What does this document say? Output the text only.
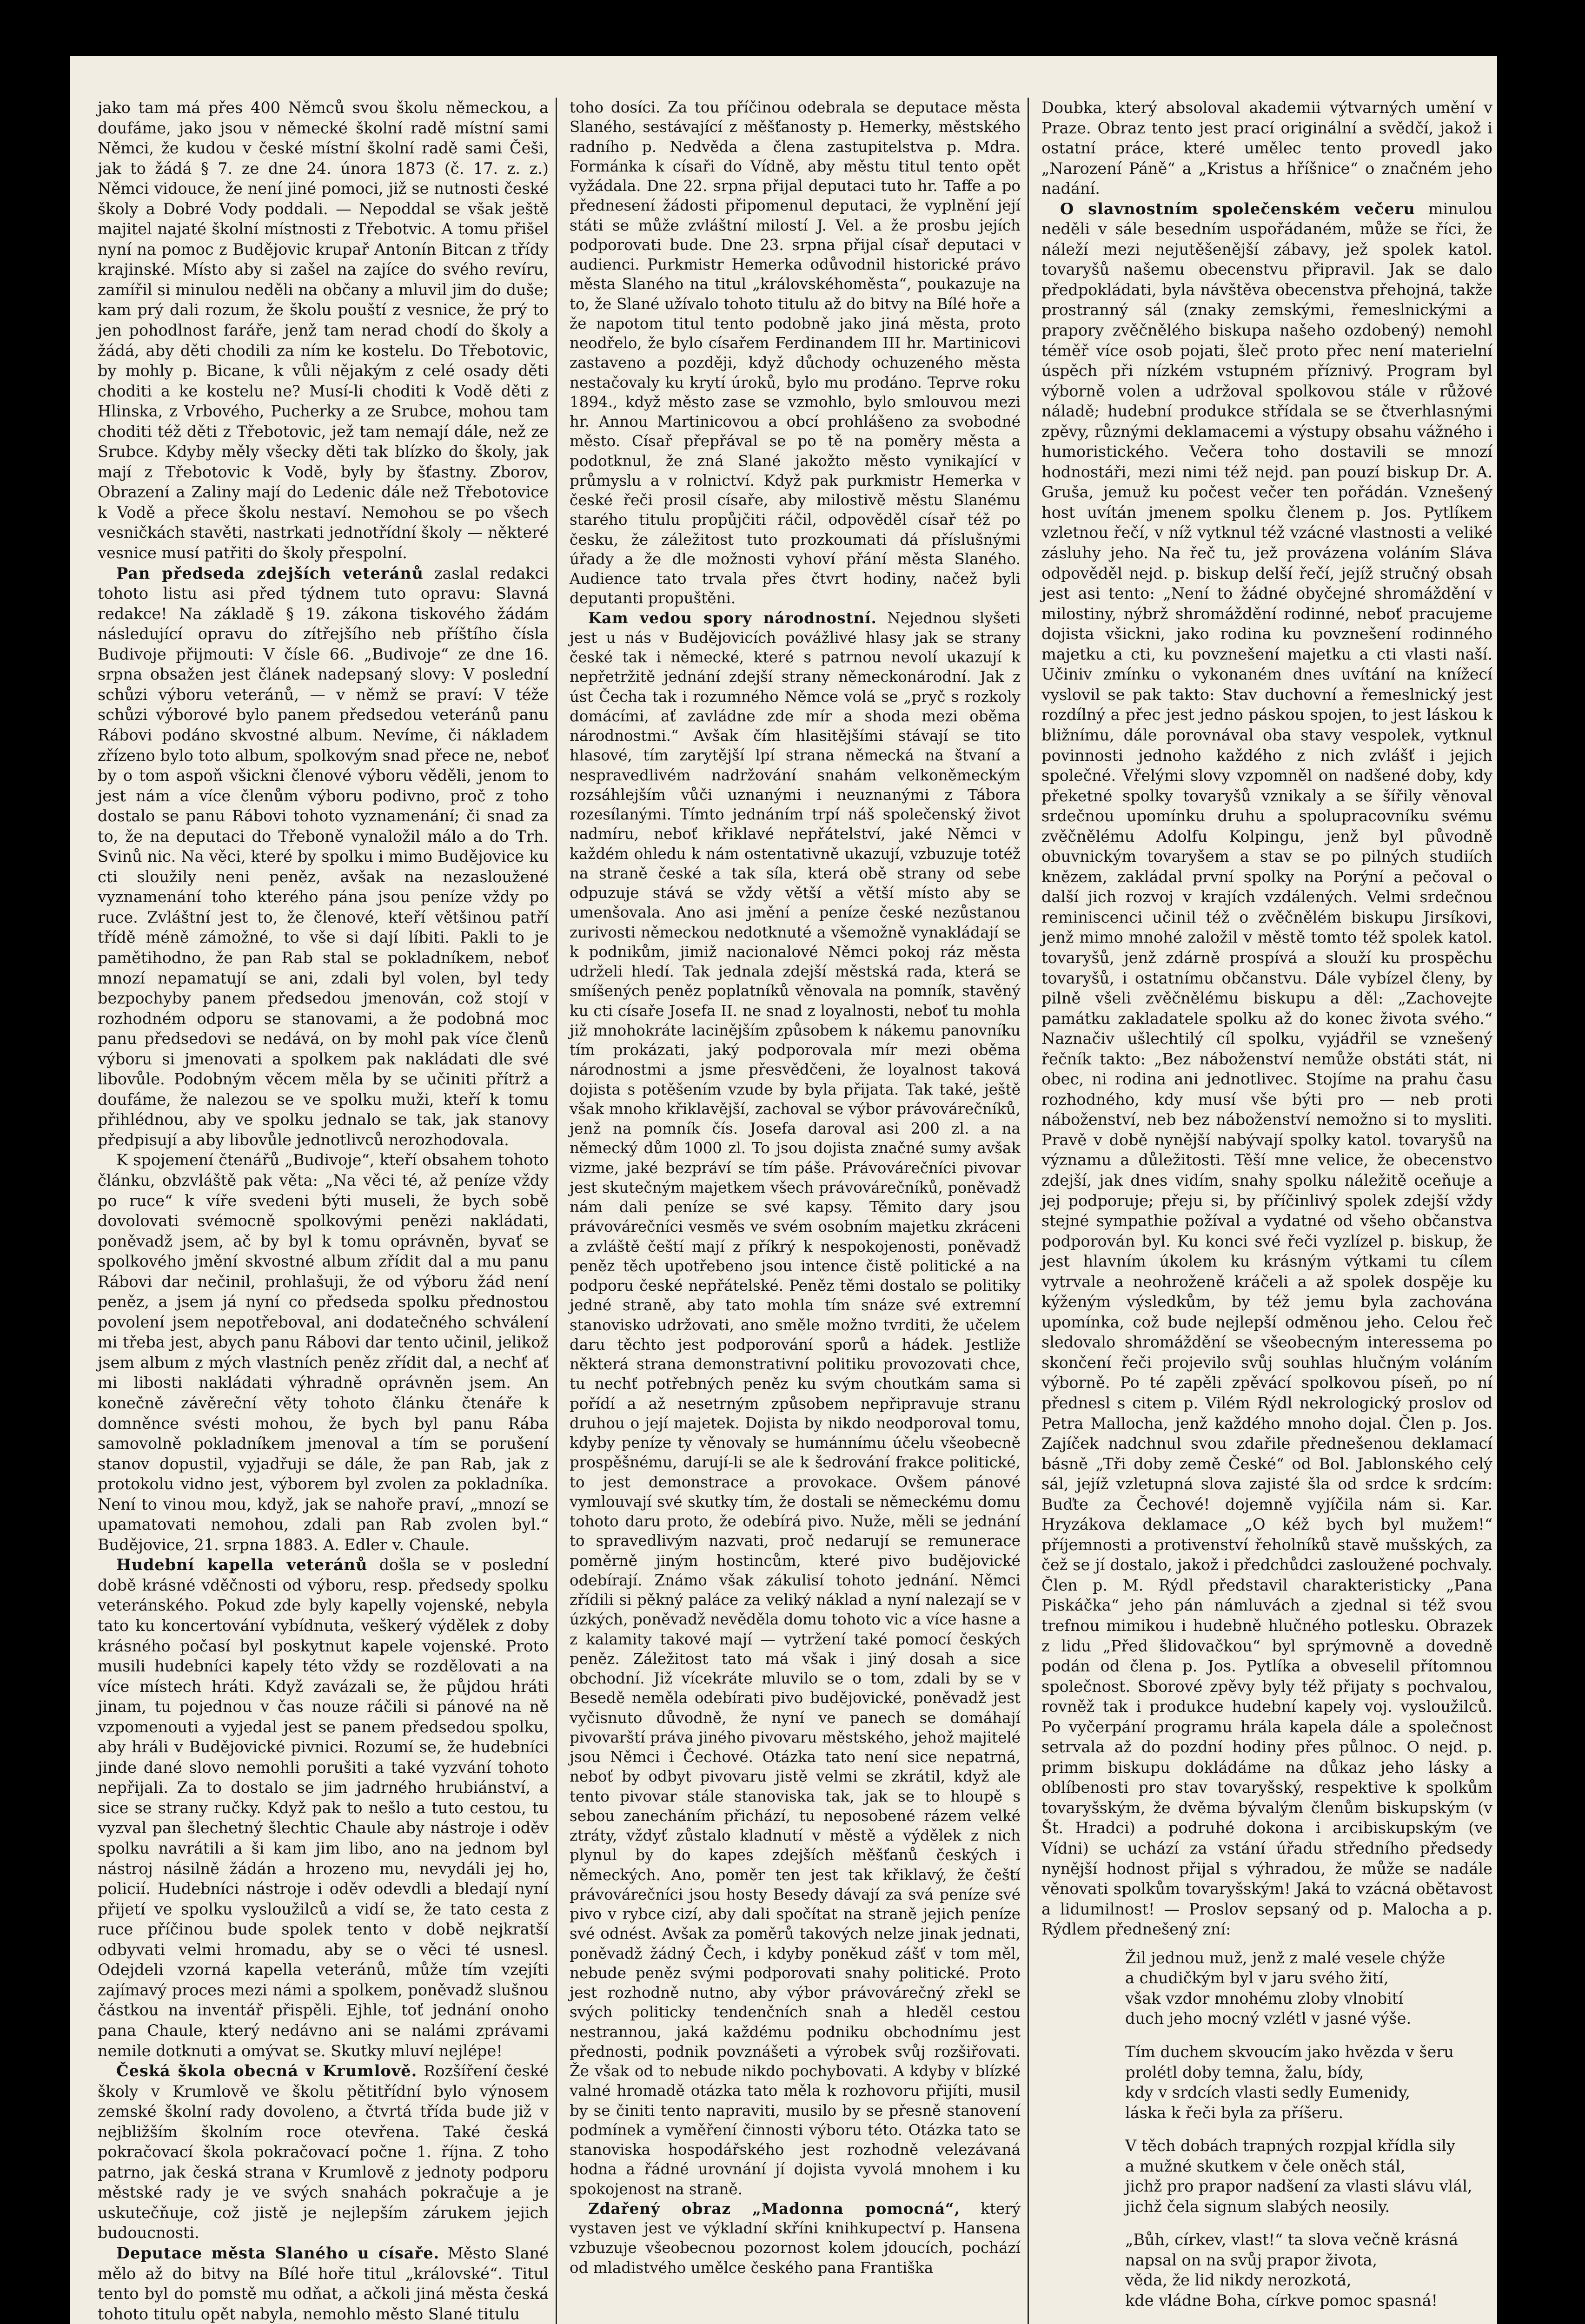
jako tam má přes 400 Němců svou školu německou, a doufáme, jako jsou v německé školní radě místní sami Němci, že kudou v české místní školní radě sami Češi, jak to žádá § 7. ze dne 24. února 1873 (č. 17. z. z.) Němci vidouce, že není jiné pomoci, již se nutnosti české školy a Dobré Vody poddali. — Nepoddal se však ještě majitel najaté školní místnosti z Třebotvic. A tomu přišel nyní na pomoc z Budějovic krupař Antonín Bitcan z třídy krajinské. Místo aby si zašel na zajíce do svého revíru, zamířil si minulou neděli na občany a mluvil jim do duše; kam prý dali rozum, že školu pouští z vesnice, že prý to jen pohodlnost faráře, jenž tam nerad chodí do školy a žádá, aby děti chodili za ním ke kostelu. Do Třebotovic, by mohly p. Bicane, k vůli nějakým z celé osady děti choditi a ke kostelu ne? Musí-li choditi k Vodě děti z Hlinska, z Vrbového, Pucherky a ze Srubce, mohou tam choditi též děti z Třebotovic, jež tam nemají dále, než ze Srubce. Kdyby měly všecky děti tak blízko do školy, jak mají z Třebotovic k Vodě, byly by šťastny. Zborov, Obrazení a Zaliny mají do Ledenic dále než Třebotovice k Vodě a přece školu nestaví. Nemohou se po všech vesničkách stavěti, nastrkati jednotřídní školy — některé vesnice musí patřiti do školy přespolní.

Pan předseda zdejších veteránů zaslal redakci tohoto listu asi před týdnem tuto opravu: Slavná redakce! Na základě § 19. zákona tiskového žádám následující opravu do zítřejšího neb příštího čísla Budivoje přijmouti: V čísle 66. „Budivoje“ ze dne 16. srpna obsažen jest článek nadepsaný slovy: V poslední schůzi výboru veteránů, — v němž se praví: V téže schůzi výborové bylo panem předsedou veteránů panu Rábovi podáno skvostné album. Nevíme, či nákladem zřízeno bylo toto album, spolkovým snad přece ne, neboť by o tom aspoň všickni členové výboru věděli, jenom to jest nám a více členům výboru podivno, proč z toho dostalo se panu Rábovi tohoto vyznamenání; či snad za to, že na deputaci do Třeboně vynaložil málo a do Trh. Svinů nic. Na věci, které by spolku i mimo Budějovice ku cti sloužily neni peněz, avšak na nezasloužené vyznamenání toho kterého pána jsou peníze vždy po ruce. Zvláštní jest to, že členové, kteří většinou patří třídě méně zámožné, to vše si dají líbiti. Pakli to je pamětihodno, že pan Rab stal se pokladníkem, neboť mnozí nepamatují se ani, zdali byl volen, byl tedy bezpochyby panem předsedou jmenován, což stojí v rozhodném odporu se stanovami, a že podobná moc panu předsedovi se nedává, on by mohl pak více členů výboru si jmenovati a spolkem pak nakládati dle své libovůle. Podobným věcem měla by se učiniti přítrž a doufáme, že nalezou se ve spolku muži, kteří k tomu přihlédnou, aby ve spolku jednalo se tak, jak stanovy předpisují a aby libovůle jednotlivců nerozhodovala.

K spojemení čtenářů „Budivoje“, kteří obsahem tohoto článku, obzvláště pak věta: „Na věci té, až peníze vždy po ruce“ k víře svedeni býti museli, že bych sobě dovolovati svémocně spolkovými penězi nakládati, poněvadž jsem, ač by byl k tomu oprávněn, byvať se spolkového jmění skvostné album zřídit dal a mu panu Rábovi dar nečinil, prohlašuji, že od výboru žád není peněz, a jsem já nyní co předseda spolku přednostou povolení jsem nepotřeboval, ani dodatečného schválení mi třeba jest, abych panu Rábovi dar tento učinil, jelikož jsem album z mých vlastních peněz zřídit dal, a nechť ať mi libosti nakládati výhradně oprávněn jsem. An konečně závěreční věty tohoto článku čtenáře k domněnce svésti mohou, že bych byl panu Rába samovolně pokladníkem jmenoval a tím se porušení stanov dopustil, vyjadřuji se dále, že pan Rab, jak z protokolu vidno jest, výborem byl zvolen za pokladníka. Není to vinou mou, když, jak se nahoře praví, „mnozí se upamatovati nemohou, zdali pan Rab zvolen byl.“ Budějovice, 21. srpna 1883. A. Edler v. Chaule.

Hudební kapella veteránů došla se v poslední době krásné vděčnosti od výboru, resp. předsedy spolku veteránského. Pokud zde byly kapelly vojenské, nebyla tato ku koncertování vybídnuta, veškerý výdělek z doby krásného počasí byl poskytnut kapele vojenské. Proto musili hudebníci kapely této vždy se rozdělovati a na více místech hráti. Když zavázali se, že půjdou hráti jinam, tu pojednou v čas nouze ráčili si pánové na ně vzpomenouti a vyjedal jest se panem předsedou spolku, aby hráli v Budějovické pivnici. Rozumí se, že hudebníci jinde dané slovo nemohli porušiti a také vyzvání tohoto nepřijali. Za to dostalo se jim jadrného hrubiánství, a sice se strany ručky. Když pak to nešlo a tuto cestou, tu vyzval pan šlechetný šlechtic Chaule aby nástroje i oděv spolku navrátili a ši kam jim libo, ano na jednom byl nástroj násilně žádán a hrozeno mu, nevydáli jej ho, policií. Hudebníci nástroje i oděv odevdli a bledají nyní přijetí ve spolku vysloužilců a vidí se, že tato cesta z ruce příčinou bude spolek tento v době nejkratší odbyvati velmi hromadu, aby se o věci té usnesl. Odejdeli vzorná kapella veteránů, může tím vzejíti zajímavý proces mezi námi a spolkem, poněvadž slušnou částkou na inventář přispěli. Ejhle, toť jednání onoho pana Chaule, který nedávno ani se nalámi zprávami nemile dotknuti a omývat se. Skutky mluví nejlépe!

Česká škola obecná v Krumlově. Rozšíření české školy v Krumlově ve školu pětitřídní bylo výnosem zemské školní rady dovoleno, a čtvrtá třída bude již v nejbližším školním roce otevřena. Také česká pokračovací škola pokračovací počne 1. října. Z toho patrno, jak česká strana v Krumlově z jednoty podporu městské rady je ve svých snahách pokračuje a je uskutečňuje, což jistě je nejlepším zárukem jejich budoucnosti.

Deputace města Slaného u císaře. Město Slané mělo až do bitvy na Bílé hoře titul „královské“. Titul tento byl do pomstě mu odňat, a ačkoli jiná města česká tohoto titulu opět nabyla, nemohlo město Slané titulu

toho dosíci. Za tou příčinou odebrala se deputace města Slaného, sestávající z měšťanosty p. Hemerky, městského radního p. Nedvěda a člena zastupitelstva p. Mdra. Formánka k císaři do Vídně, aby městu titul tento opět vyžádala. Dne 22. srpna přijal deputaci tuto hr. Taffe a po přednesení žádosti připomenul deputaci, že vyplnění její státi se může zvláštní milostí J. Vel. a že prosbu jejích podporovati bude. Dne 23. srpna přijal císař deputaci v audienci. Purkmistr Hemerka odůvodnil historické právo města Slaného na titul „královskéhoměsta“, poukazuje na to, že Slané užívalo tohoto titulu až do bitvy na Bílé hoře a že napotom titul tento podobně jako jiná města, proto neodřelo, že bylo císařem Ferdinandem III hr. Martinicovi zastaveno a později, když důchody ochuzeného města nestačovaly ku krytí úroků, bylo mu prodáno. Teprve roku 1894., když město zase se vzmohlo, bylo smlouvou mezi hr. Annou Martinicovou a obcí prohlášeno za svobodné město. Císař přepřával se po tě na poměry města a podotknul, že zná Slané jakožto město vynikající v průmyslu a v rolnictví. Když pak purkmistr Hemerka v české řeči prosil císaře, aby milostivě městu Slanému starého titulu propůjčiti ráčil, odpověděl císař též po česku, že záležitost tuto prozkoumati dá příslušnými úřady a že dle možnosti vyhoví přání města Slaného. Audience tato trvala přes čtvrt hodiny, načež byli deputanti propuštěni.

Kam vedou spory národnostní. Nejednou slyšeti jest u nás v Budějovicích povážlivé hlasy jak se strany české tak i německé, které s patrnou nevolí ukazují k nepřetržitě jednání zdejší strany německonárodní. Jak z úst Čecha tak i rozumného Němce volá se „pryč s rozkoly domácími, ať zavládne zde mír a shoda mezi oběma národnostmi.“ Avšak čím hlasitějšími stávají se tito hlasové, tím zarytější lpí strana německá na štvaní a nespravedlivém nadržování snahám velkoněmeckým rozsáhlejším vůči uznanými i neuznanými z Tábora rozesílanými. Tímto jednáním trpí náš společenský život nadmíru, neboť křiklavé nepřátelství, jaké Němci v každém ohledu k nám ostentativně ukazují, vzbuzuje totéž na straně české a tak síla, která obě strany od sebe odpuzuje stává se vždy větší a větší místo aby se umenšovala. Ano asi jmění a peníze české nezůstanou zurivosti německou nedotknuté a všemožně vynakládají se k podnikům, jimiž nacionalové Němci pokoj ráz města udrželi hledí. Tak jednala zdejší městská rada, která se smíšených peněz poplatníků věnovala na pomník, stavěný ku cti císaře Josefa II. ne snad z loyalnosti, neboť tu mohla již mnohokráte lacinějším způsobem k nákemu panovníku tím prokázati, jaký podporovala mír mezi oběma národnostmi a jsme přesvědčeni, že loyalnost taková dojista s potěšením vzude by byla přijata. Tak také, ještě však mnoho křiklavější, zachoval se výbor právovárečníků, jenž na pomník čís. Josefa daroval asi 200 zl. a na německý dům 1000 zl. To jsou dojista značné sumy avšak vizme, jaké bezpráví se tím páše. Právovárečníci pivovar jest skutečným majetkem všech právovárečníků, poněvadž nám dali peníze se své kapsy. Těmito dary jsou právovárečníci vesměs ve svém osobním majetku zkráceni a zvláště čeští mají z příkrý k nespokojenosti, poněvadž peněz těch upotřebeno jsou intence čistě politické a na podporu české nepřátelské. Peněz těmi dostalo se politiky jedné straně, aby tato mohla tím snáze své extremní stanovisko udržovati, ano směle možno tvrditi, že učelem daru těchto jest podporování sporů a hádek. Jestliže některá strana demonstrativní politiku provozovati chce, tu nechť potřebných peněz ku svým choutkám sama si pořídí a až nesetrným způsobem nepřipravuje stranu druhou o její majetek. Dojista by nikdo neodporoval tomu, kdyby peníze ty věnovaly se humánnímu účelu všeobecně prospěšnému, darují-li se ale k šedrování frakce politické, to jest demonstrace a provokace. Ovšem pánové vymlouvají své skutky tím, že dostali se německému domu tohoto daru proto, že odebírá pivo. Nuže, měli se jednání to spravedlivým nazvati, proč nedarují se remunerace poměrně jiným hostincům, které pivo budějovické odebírají. Známo však zákulisí tohoto jednání. Němci zřídili si pěkný paláce za veliký náklad a nyní nalezají se v úzkých, poněvadž nevěděla domu tohoto vic a více hasne a z kalamity takové mají — vytržení také pomocí českých peněz. Záležitost tato má však i jiný dosah a sice obchodní. Již vícekráte mluvilo se o tom, zdali by se v Besedě neměla odebírati pivo budějovické, poněvadž jest vyčisnuto důvodně, že nyní ve panech se domáhají pivovarští práva jiného pivovaru městského, jehož majitelé jsou Němci i Čechové. Otázka tato není sice nepatrná, neboť by odbyt pivovaru jistě velmi se zkrátil, když ale tento pivovar stále stanoviska tak, jak se to hloupě s sebou zanecháním přichází, tu neposobené rázem velké ztráty, vždyť zůstalo kladnutí v městě a výdělek z nich plynul by do kapes zdejších měšťanů českých i německých. Ano, poměr ten jest tak křiklavý, že čeští právovárečníci jsou hosty Besedy dávají za svá peníze své pivo v rybce cizí, aby dali spočítat na straně jejich peníze své odnést. Avšak za poměrů takových nelze jinak jednati, poněvadž žádný Čech, i kdyby poněkud zášť v tom měl, nebude peněz svými podporovati snahy politické. Proto jest rozhodně nutno, aby výbor právovárečný zřekl se svých politicky tendenčních snah a hleděl cestou nestrannou, jaká každému podniku obchodnímu jest přednosti, podnik povznášeti a výrobek svůj rozšiřovati. Že však od to nebude nikdo pochybovati. A kdyby v blízké valné hromadě otázka tato měla k rozhovoru přijíti, musil by se činiti tento napraviti, musilo by se přesně stanovení podmínek a vyměření činnosti výboru této. Otázka tato se stanoviska hospodářského jest rozhodně velezávaná hodna a řádné urovnání jí dojista vyvolá mnohem i ku spokojenost na straně.

Zdařený obraz „Madonna pomocná“, který vystaven jest ve výkladní skříni knihkupectví p. Hansena vzbuzuje všeobecnou pozornost kolem jdoucích, pochází od mladistvého umělce českého pana Františka

Doubka, který absoloval akademii výtvarných umění v Praze. Obraz tento jest prací originální a svědčí, jakož i ostatní práce, které umělec tento provedl jako „Narození Páně“ a „Kristus a hříšnice“ o značném jeho nadání.

O slavnostním společenském večeru minulou neděli v sále besedním uspořádaném, může se říci, že náleží mezi nejutěšenější zábavy, jež spolek katol. tovaryšů našemu obecenstvu připravil. Jak se dalo předpokládati, byla návštěva obecenstva přehojná, takže prostranný sál (znaky zemskými, řemeslnickými a prapory zvěčnělého biskupa našeho ozdobený) nemohl téměř více osob pojati, šleč proto přec není materielní úspěch při nízkém vstupném příznivý. Program byl výborně volen a udržoval spolkovou stále v růžové náladě; hudební produkce střídala se se čtverhlasnými zpěvy, různými deklamacemi a výstupy obsahu vážného i humoristického. Večera toho dostavili se mnozí hodnostáři, mezi nimi též nejd. pan pouzí biskup Dr. A. Gruša, jemuž ku počest večer ten pořádán. Vznešený host uvítán jmenem spolku členem p. Jos. Pytlíkem vzletnou řečí, v níž vytknul též vzácné vlastnosti a veliké zásluhy jeho. Na řeč tu, jež provázena voláním Sláva odpověděl nejd. p. biskup delší řečí, jejíž stručný obsah jest asi tento: „Není to žádné obyčejné shromáždění v milostiny, nýbrž shromáždění rodinné, neboť pracujeme dojista všickni, jako rodina ku povznešení rodinného majetku a cti, ku povznešení majetku a cti vlasti naší. Učiniv zmínku o vykonaném dnes uvítání na knížecí vyslovil se pak takto: Stav duchovní a řemeslnický jest rozdílný a přec jest jedno páskou spojen, to jest láskou k bližnímu, dále porovnával oba stavy vespolek, vytknul povinnosti jednoho každého z nich zvlášť i jejich společné. Vřelými slovy vzpomněl on nadšené doby, kdy překetné spolky tovaryšů vznikaly a se šířily věnoval srdečnou upomínku druhu a spolupracovníku svému zvěčnělému Adolfu Kolpingu, jenž byl původně obuvnickým tovaryšem a stav se po pilných studiích knězem, zakládal první spolky na Porýní a pečoval o další jich rozvoj v krajích vzdálených. Velmi srdečnou reminiscenci učinil též o zvěčnělém biskupu Jirsíkovi, jenž mimo mnohé založil v městě tomto též spolek katol. tovaryšů, jenž zdárně prospívá a slouží ku prospěchu tovaryšů, i ostatnímu občanstvu. Dále vybízel členy, by pilně všeli zvěčnělému biskupu a děl: „Zachovejte památku zakladatele spolku až do konec života svého.“ Naznačiv ušlechtilý cíl spolku, vyjádřil se vznešený řečník takto: „Bez náboženství nemůže obstáti stát, ni obec, ni rodina ani jednotlivec. Stojíme na prahu času rozhodného, kdy musí vše býti pro — neb proti náboženství, neb bez náboženství nemožno si to mysliti. Pravě v době nynější nabývají spolky katol. tovaryšů na významu a důležitosti. Těší mne velice, že obecenstvo zdejší, jak dnes vidím, snahy spolku náležitě oceňuje a jej podporuje; přeju si, by příčinlivý spolek zdejší vždy stejné sympathie požíval a vydatné od všeho občanstva podporován byl. Ku konci své řeči vyzlízel p. biskup, že jest hlavním úkolem ku krásným výtkami tu cílem vytrvale a neohroženě kráčeli a až spolek dospěje ku kýženým výsledkům, by též jemu byla zachována upomínka, což bude nejlepší odměnou jeho. Celou řeč sledovalo shromáždění se všeobecným interessema po skončení řeči projevilo svůj souhlas hlučným voláním výborně. Po té zapěli zpěvácí spolkovou píseň, po ní přednesl s citem p. Vilém Rýdl nekrologický proslov od Petra Mallocha, jenž každého mnoho dojal. Člen p. Jos. Zajíček nadchnul svou zdařile přednešenou deklamací básně „Tři doby země České“ od Bol. Jablonského celý sál, jejíž vzletupná slova zajisté šla od srdce k srdcím: Buďte za Čechové! dojemně vyjíčila nám si. Kar. Hryzákova deklamace „O kéž bych byl mužem!“ příjemnosti a protivenství řeholníků stavě mušských, za čež se jí dostalo, jakož i předchůdci zasloužené pochvaly. Člen p. M. Rýdl představil charakteristicky „Pana Piskáčka“ jeho pán námluvách a zjednal si též svou trefnou mimikou i hudebně hlučného potlesku. Obrazek z lidu „Před šlidovačkou“ byl sprýmovně a dovedně podán od člena p. Jos. Pytlíka a obveselil přítomnou společnost. Sborové zpěvy byly též přijaty s pochvalou, rovněž tak i produkce hudební kapely voj. vysloužilců. Po vyčerpání programu hrála kapela dále a společnost setrvala až do pozdní hodiny přes půlnoc. O nejd. p. primm biskupu dokládáme na důkaz jeho lásky a oblíbenosti pro stav tovaryšský, respektive k spolkům tovaryšským, že dvěma bývalým členům biskupským (v Št. Hradci) a podruhé dokona i arcibiskupským (ve Vídni) se uchází za vstání úřadu středního předsedy nynější hodnost přijal s výhradou, že může se nadále věnovati spolkům tovaryšským! Jaká to vzácná obětavost a lidumilnost! — Proslov sepsaný od p. Malocha a p. Rýdlem přednešený zní:

Žil jednou muž, jenž z malé vesele chýže
a chudičkým byl v jaru svého žití,
však vzdor mnohému zloby vlnobití
duch jeho mocný vzlétl v jasné výše.
Tím duchem skvoucím jako hvězda v šeru
prolétl doby temna, žalu, bídy,
kdy v srdcích vlasti sedly Eumenidy,
láska k řeči byla za příšeru.
V těch dobách trapných rozpjal křídla sily
a mužné skutkem v čele oněch stál,
jichž pro prapor nadšení za vlasti slávu vlál,
jichž čela signum slabých neosily.
„Bůh, církev, vlast!“ ta slova večně krásná
napsal on na svůj prapor života,
věda, že lid nikdy nerozkotá,
kde vládne Boha, církve pomoc spasná!
